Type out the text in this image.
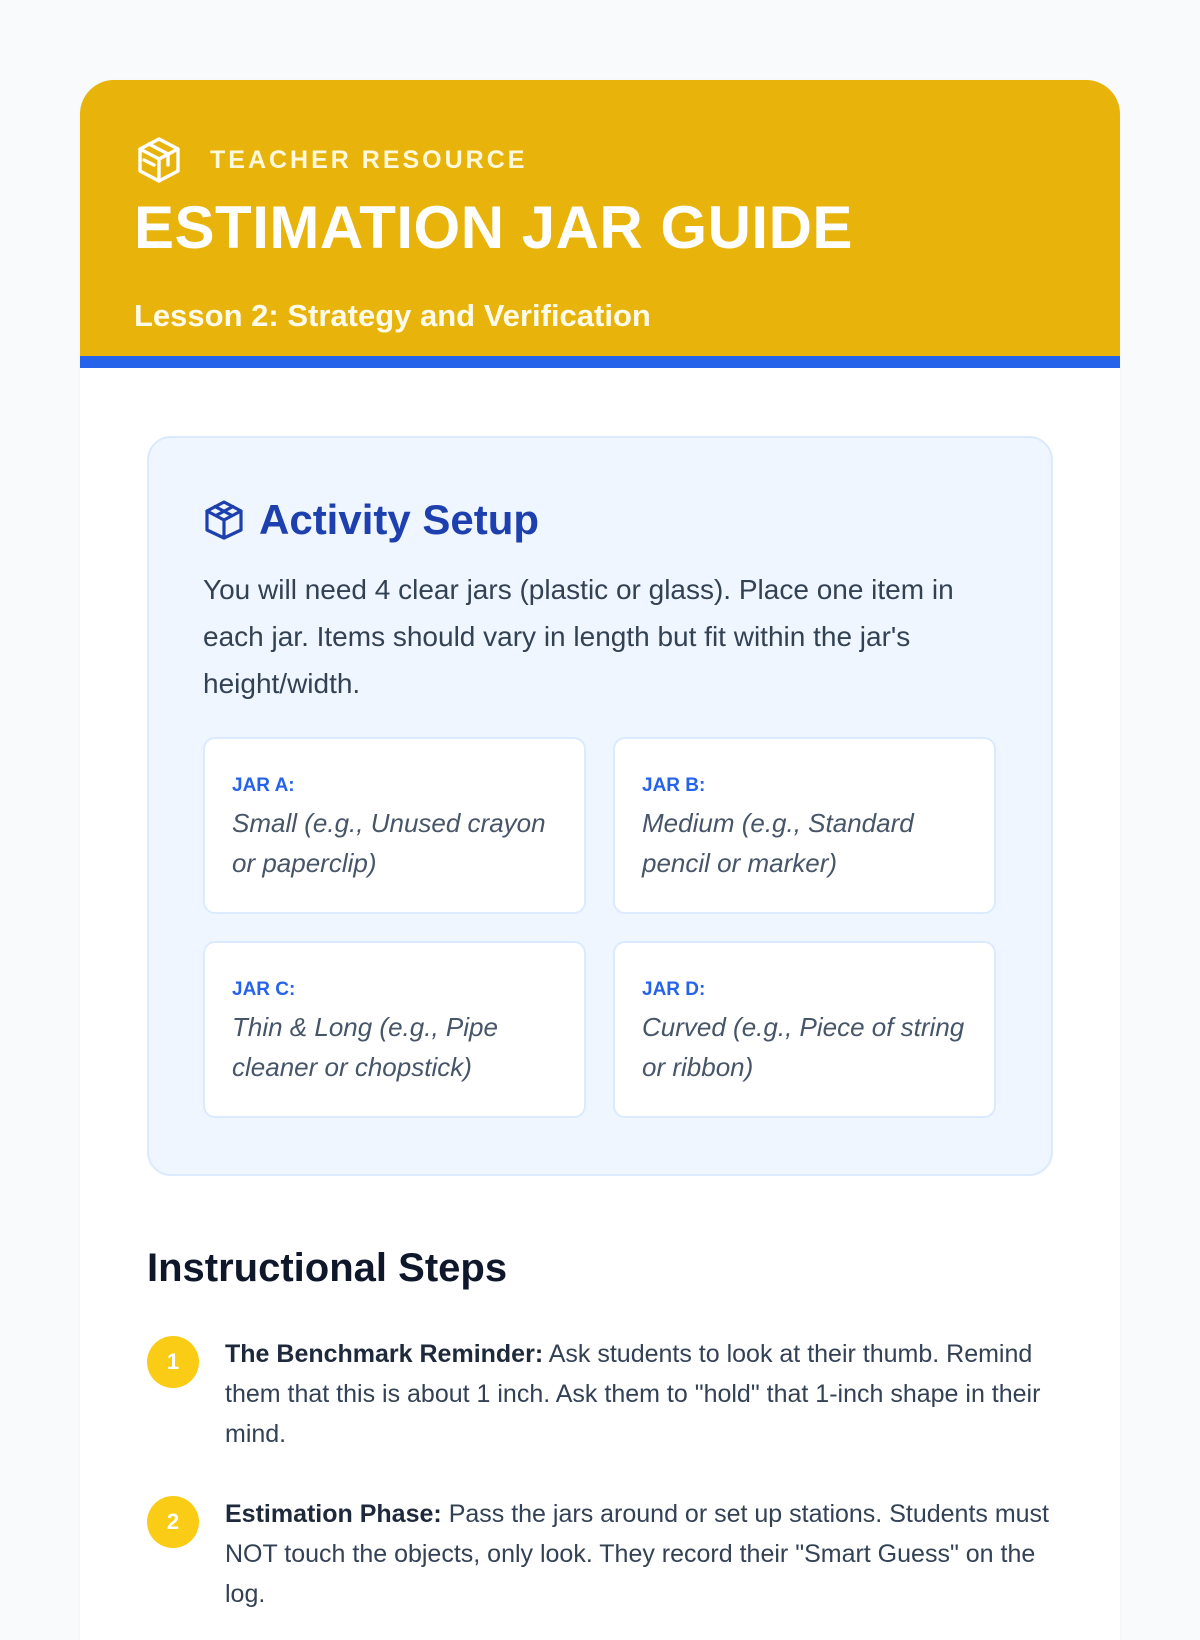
TEACHER RESOURCE
ESTIMATION JAR GUIDE
Lesson 2: Strategy and Verification
Activity Setup

You will need 4 clear jars (plastic or glass). Place one item in each jar. Items should vary in length but fit within the jar's height/width.

JAR A:
Small (e.g., Unused crayon or paperclip)
JAR B:
Medium (e.g., Standard pencil or marker)
JAR C:
Thin & Long (e.g., Pipe cleaner or chopstick)
JAR D:
Curved (e.g., Piece of string or ribbon)
Instructional Steps
1	The Benchmark Reminder: Ask students to look at their thumb. Remind them that this is about 1 inch. Ask them to "hold" that 1-inch shape in their mind.

2	Estimation Phase: Pass the jars around or set up stations. Students must NOT touch the objects, only look. They record their "Smart Guess" on the log.
